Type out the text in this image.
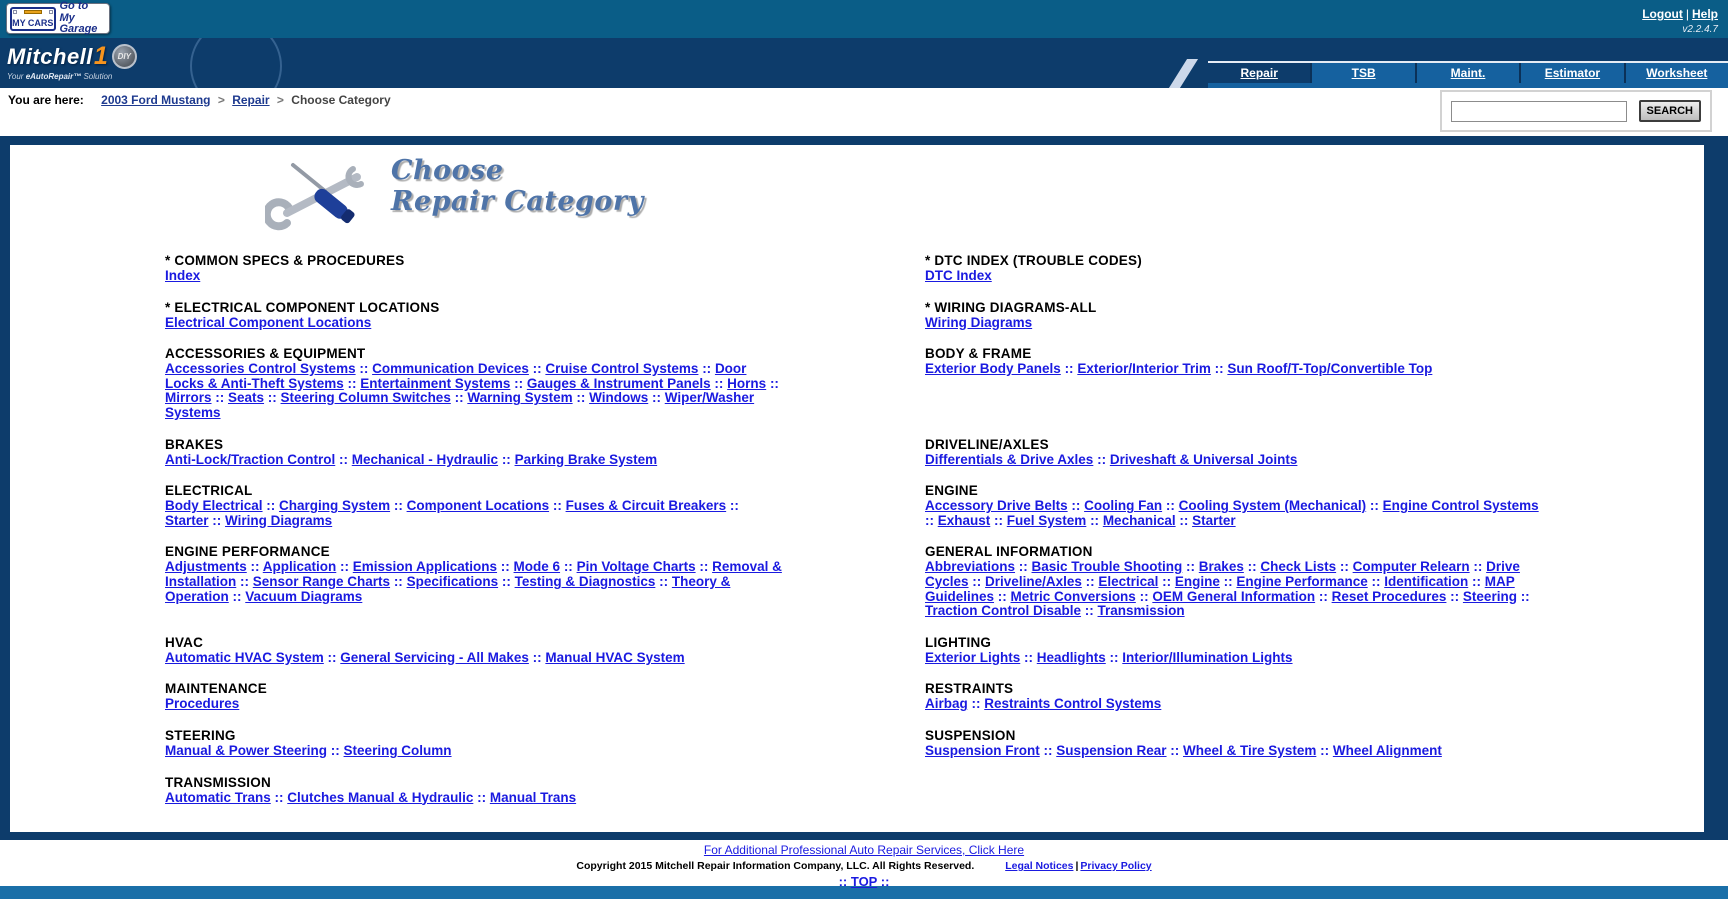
MY CARS
Go to My
Garage
Logout | Help
v2.2.4.7
Mitchell 1	DIY
Your eAutoRepair™ Solution	Repair	TSB	Maint.	Estimator	Worksheet
You are here: 2003 Ford Mustang > Repair > Choose Category
SEARCH
Choose
Repair Category
* COMMON SPECS & PROCEDURES
Index
* DTC INDEX (TROUBLE CODES)
DTC Index
* ELECTRICAL COMPONENT LOCATIONS
Electrical Component Locations
* WIRING DIAGRAMS-ALL
Wiring Diagrams
ACCESSORIES & EQUIPMENT
Accessories Control Systems :: Communication Devices :: Cruise Control Systems :: Door Locks & Anti-Theft Systems :: Entertainment Systems :: Gauges & Instrument Panels :: Horns :: Mirrors :: Seats :: Steering Column Switches :: Warning System :: Windows :: Wiper/Washer Systems
BODY & FRAME
Exterior Body Panels :: Exterior/Interior Trim :: Sun Roof/T-Top/Convertible Top
BRAKES
Anti-Lock/Traction Control :: Mechanical - Hydraulic :: Parking Brake System
DRIVELINE/AXLES
Differentials & Drive Axles :: Driveshaft & Universal Joints
ELECTRICAL
Body Electrical :: Charging System :: Component Locations :: Fuses & Circuit Breakers :: Starter :: Wiring Diagrams
ENGINE
Accessory Drive Belts :: Cooling Fan :: Cooling System (Mechanical) :: Engine Control Systems :: Exhaust :: Fuel System :: Mechanical :: Starter
ENGINE PERFORMANCE
Adjustments :: Application :: Emission Applications :: Mode 6 :: Pin Voltage Charts :: Removal & Installation :: Sensor Range Charts :: Specifications :: Testing & Diagnostics :: Theory & Operation :: Vacuum Diagrams
GENERAL INFORMATION
Abbreviations :: Basic Trouble Shooting :: Brakes :: Check Lists :: Computer Relearn :: Drive Cycles :: Driveline/Axles :: Electrical :: Engine :: Engine Performance :: Identification :: MAP Guidelines :: Metric Conversions :: OEM General Information :: Reset Procedures :: Steering :: Traction Control Disable :: Transmission
HVAC
Automatic HVAC System :: General Servicing - All Makes :: Manual HVAC System
LIGHTING
Exterior Lights :: Headlights :: Interior/Illumination Lights
MAINTENANCE
Procedures
RESTRAINTS
Airbag :: Restraints Control Systems
STEERING
Manual & Power Steering :: Steering Column
SUSPENSION
Suspension Front :: Suspension Rear :: Wheel & Tire System :: Wheel Alignment
TRANSMISSION
Automatic Trans :: Clutches Manual & Hydraulic :: Manual Trans
For Additional Professional Auto Repair Services, Click Here
Copyright 2015 Mitchell Repair Information Company, LLC. All Rights Reserved.	Legal Notices | Privacy Policy
:: TOP ::
